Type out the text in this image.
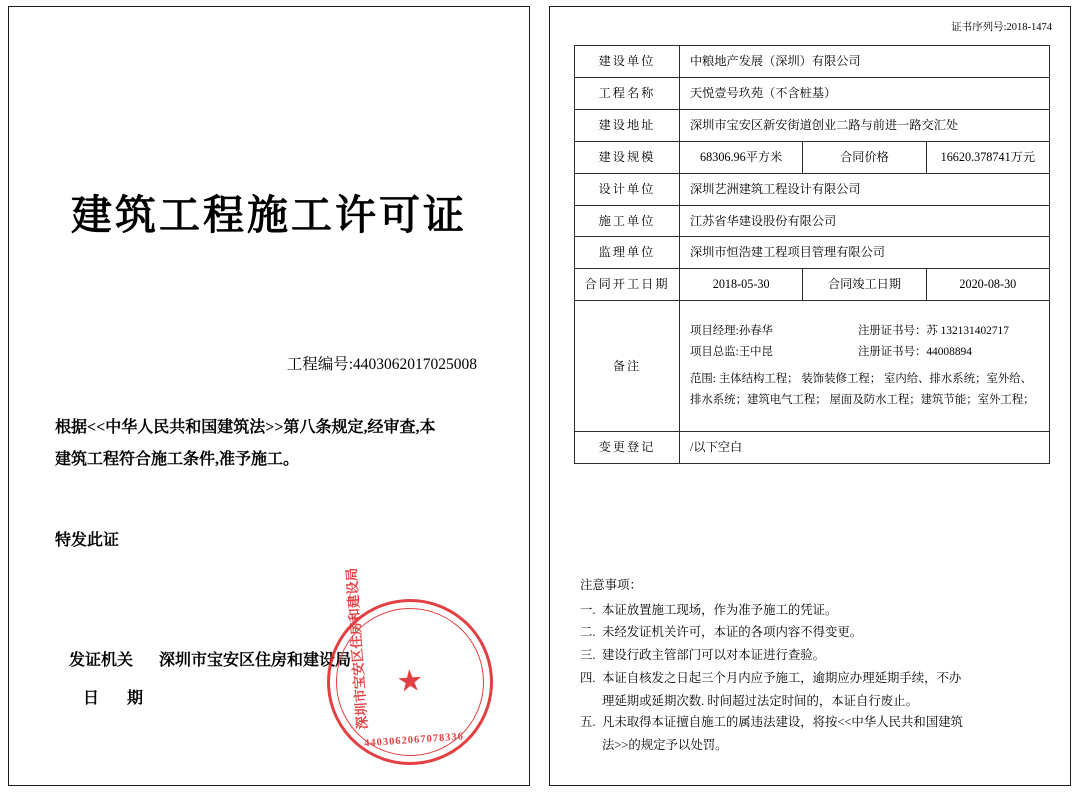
建筑工程施工许可证
工程编号:4403062017025008
根据<<中华人民共和国建筑法>>第八条规定,经审查,本
建筑工程符合施工条件,准予施工。
特发此证
发证机关 深圳市宝安区住房和建设局
日 期	深圳市宝安区住房和建设局 ★
4403062067078336
证书序列号:2018-1474
建设单位	中粮地产发展（深圳）有限公司		
工程名称	天悦壹号玖苑（不含桩基）		
建设地址	深圳市宝安区新安街道创业二路与前进一路交汇处		
建设规模	68306.96平方米	合同价格	16620.378741万元
设计单位	深圳艺洲建筑工程设计有限公司		
施工单位	江苏省华建设股份有限公司		
监理单位	深圳市恒浩建工程项目管理有限公司		
合同开工日期	2018-05-30	合同竣工日期	2020-08-30
备注	
项目经理:孙春华	注册证书号：苏 132131402717
项目总监:王中昆	注册证书号：44008894
范围: 主体结构工程； 装饰装修工程； 室内给、排水系统；室外给、
排水系统；建筑电气工程； 屋面及防水工程；建筑节能；室外工程；

变更登记	/以下空白		
注意事项：
一. 本证放置施工现场，作为准予施工的凭证。
二. 未经发证机关许可，本证的各项内容不得变更。
三. 建设行政主管部门可以对本证进行查验。
四. 本证自核发之日起三个月内应予施工，逾期应办理延期手续，不办
理延期或延期次数. 时间超过法定时间的，本证自行废止。
五. 凡未取得本证擅自施工的属违法建设，将按<<中华人民共和国建筑
法>>的规定予以处罚。
